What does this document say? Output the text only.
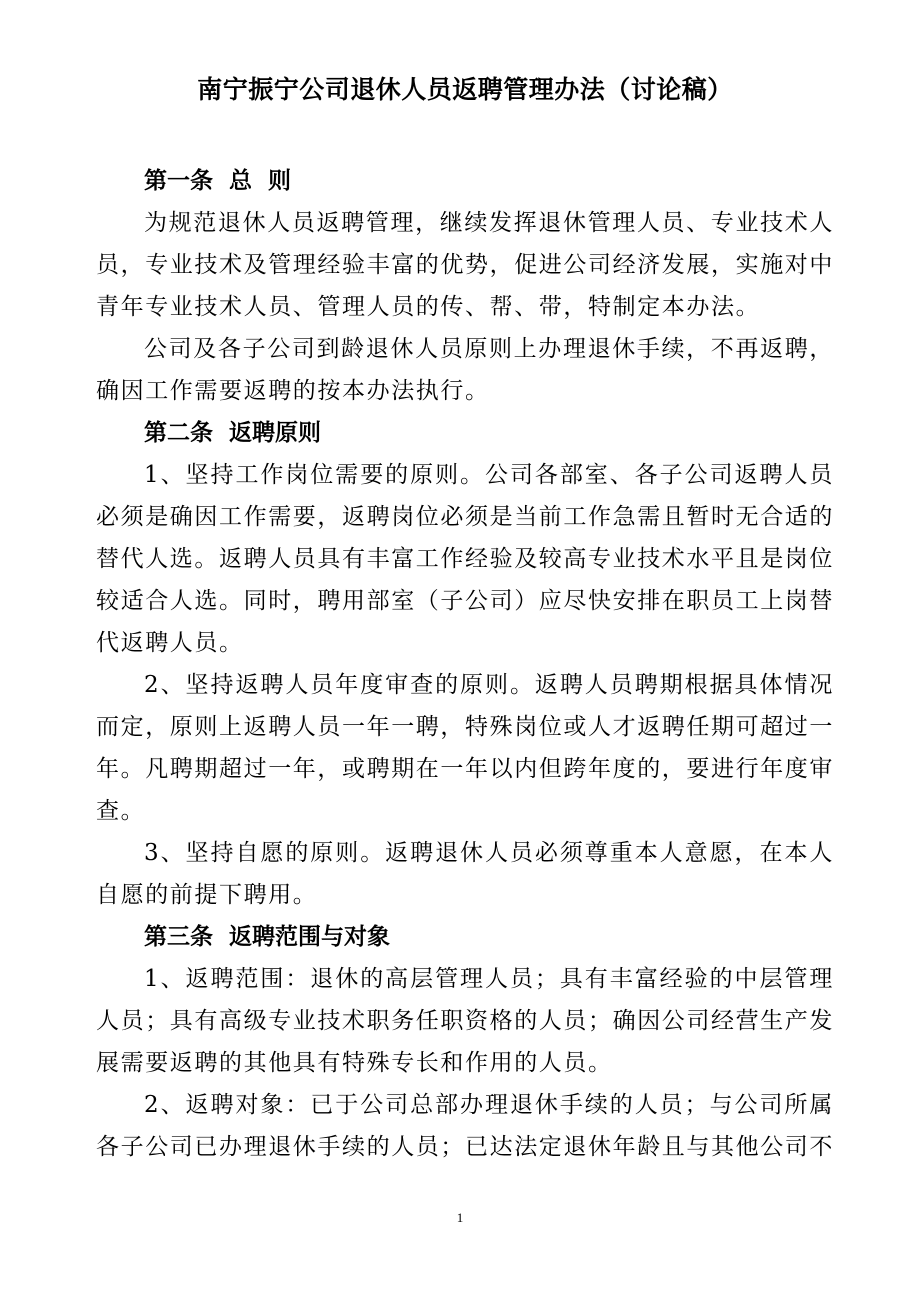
南宁振宁公司退休人员返聘管理办法（讨论稿）

第一条  总  则

为规范退休人员返聘管理，继续发挥退休管理人员、专业技术人员，专业技术及管理经验丰富的优势，促进公司经济发展，实施对中青年专业技术人员、管理人员的传、帮、带，特制定本办法。

公司及各子公司到龄退休人员原则上办理退休手续，不再返聘，确因工作需要返聘的按本办法执行。

第二条  返聘原则

1、坚持工作岗位需要的原则。公司各部室、各子公司返聘人员必须是确因工作需要，返聘岗位必须是当前工作急需且暂时无合适的替代人选。返聘人员具有丰富工作经验及较高专业技术水平且是岗位较适合人选。同时，聘用部室（子公司）应尽快安排在职员工上岗替代返聘人员。

2、坚持返聘人员年度审查的原则。返聘人员聘期根据具体情况而定，原则上返聘人员一年一聘，特殊岗位或人才返聘任期可超过一年。凡聘期超过一年，或聘期在一年以内但跨年度的，要进行年度审查。

3、坚持自愿的原则。返聘退休人员必须尊重本人意愿，在本人自愿的前提下聘用。

第三条  返聘范围与对象

1、返聘范围：退休的高层管理人员；具有丰富经验的中层管理人员；具有高级专业技术职务任职资格的人员；确因公司经营生产发展需要返聘的其他具有特殊专长和作用的人员。

2、返聘对象：已于公司总部办理退休手续的人员；与公司所属各子公司已办理退休手续的人员；已达法定退休年龄且与其他公司不

1
